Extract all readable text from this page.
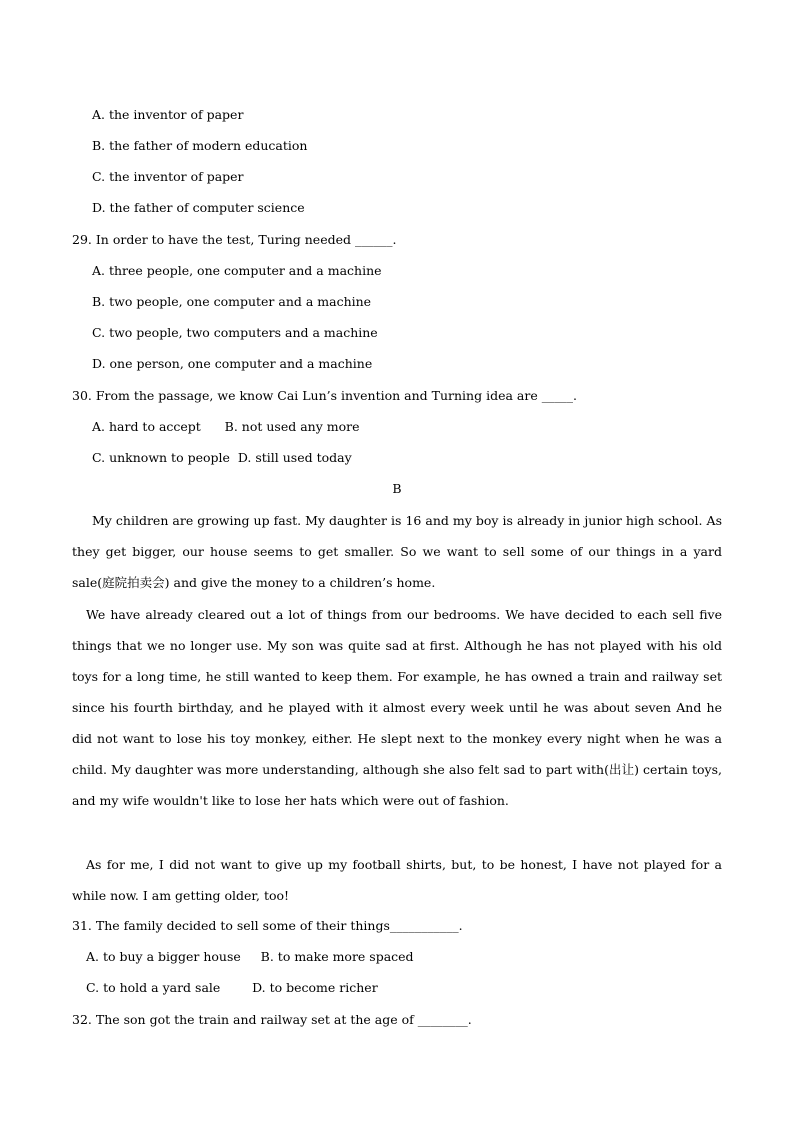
A. the inventor of paper
B. the father of modern education
C. the inventor of paper
D. the father of computer science
29. In order to have the test, Turing needed ______.
A. three people, one computer and a machine
B. two people, one computer and a machine
C. two people, two computers and a machine
D. one person, one computer and a machine
30. From the passage, we know Cai Lun’s invention and Turning idea are _____.
A. hard to accept      B. not used any more
C. unknown to people  D. still used today
B
My children are growing up fast. My daughter is 16 and my boy is already in junior high school. As they get bigger, our house seems to get smaller. So we want to sell some of our things in a yard sale(庭院拍卖会) and give the money to a children’s home.
We have already cleared out a lot of things from our bedrooms. We have decided to each sell five things that we no longer use. My son was quite sad at first. Although he has not played with his old toys for a long time, he still wanted to keep them. For example, he has owned a train and railway set since his fourth birthday, and he played with it almost every week until he was about seven And he did not want to lose his toy monkey, either. He slept next to the monkey every night when he was a child. My daughter was more understanding, although she also felt sad to part with(出让) certain toys, and my wife wouldn't like to lose her hats which were out of fashion.
As for me, I did not want to give up my football shirts, but, to be honest, I have not played for a while now. I am getting older, too!
31. The family decided to sell some of their things___________.
A. to buy a bigger house     B. to make more spaced
C. to hold a yard sale        D. to become richer
32. The son got the train and railway set at the age of ________.
